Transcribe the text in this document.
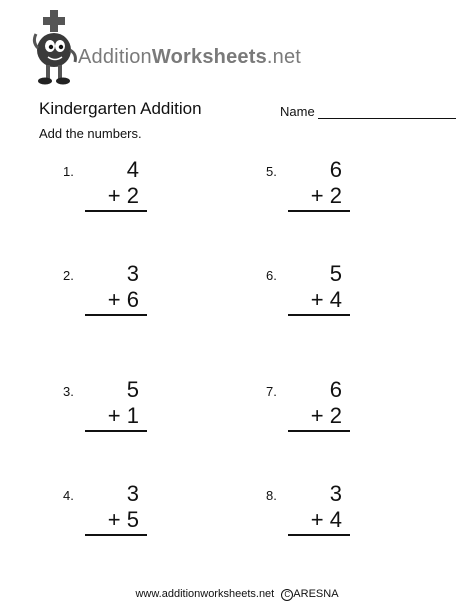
AdditionWorksheets.net
Kindergarten Addition	Name
Add the numbers.
1.	4
+ 2
2.	3
+ 6
3.	5
+ 1
4.	3
+ 5
5.	6
+ 2
6.	5
+ 4
7.	6
+ 2
8.	3
+ 4
www.additionworksheets.net C ARESNA
